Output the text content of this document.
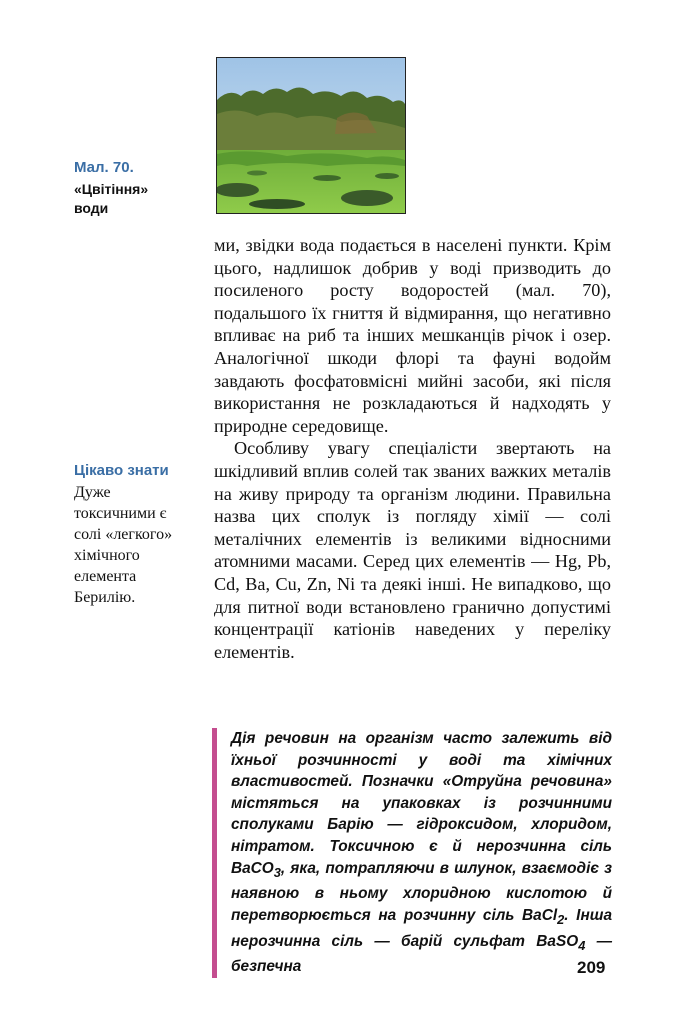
Мал. 70.
«Цвітіння» води

ми, звідки вода подається в населені пункти. Крім цього, надлишок добрив у воді призводить до посиленого росту водоростей (мал. 70), подальшого їх гниття й відмирання, що негативно впливає на риб та інших мешканців річок і озер. Аналогічної шкоди флорі та фауні водойм завдають фосфатовмісні мийні засоби, які після використання не розкладаються й надходять у природне середовище.

Особливу увагу спеціалісти звертають на шкідливий вплив солей так званих важких металів на живу природу та організм людини. Правильна назва цих сполук із погляду хімії — солі металічних елементів із великими відносними атомними масами. Серед цих елементів — Hg, Pb, Cd, Ba, Cu, Zn, Ni та деякі інші. Не випадково, що для питної води встановлено гранично допустимі концентрації катіонів наведених у переліку елементів.

Цікаво знати
Дуже токсичними є солі «легкого» хімічного елемента Берилію.

Дія речовин на організм часто залежить від їхньої розчинності у воді та хімічних властивостей. Позначки «Отруйна речовина» містяться на упаковках із розчинними сполуками Барію — гідроксидом, хлоридом, нітратом. Токсичною є й нерозчинна сіль BaCO$_3$, яка, потрапляючи в шлунок, взаємодіє з наявною в ньому хлоридною кислотою й перетворюється на розчинну сіль BaCl$_2$. Інша нерозчинна сіль — барій сульфат BaSO$_4$ — безпечна	209
